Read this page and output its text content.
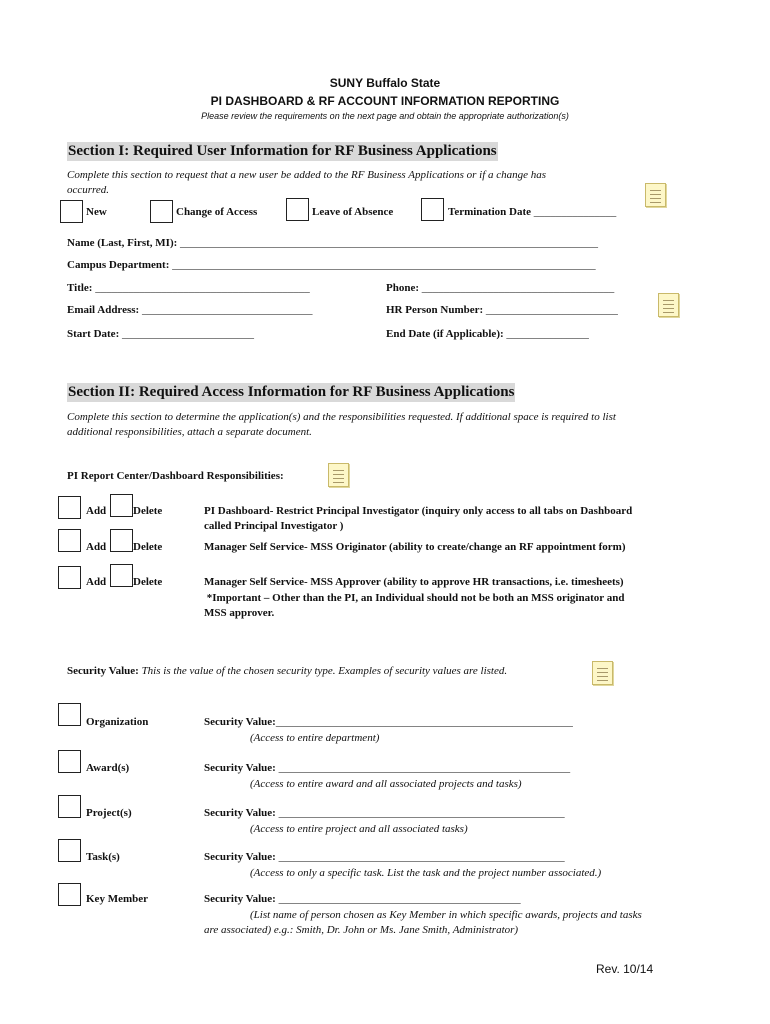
SUNY Buffalo State
PI DASHBOARD & RF ACCOUNT INFORMATION REPORTING
Please review the requirements on the next page and obtain the appropriate authorization(s)
Section I: Required User Information for RF Business Applications
Complete this section to request that a new user be added to the RF Business Applications or if a change has
occurred.
New	Change of Access	Leave of Absence	Termination Date _______________
Name (Last, First, MI): ____________________________________________________________________________
Campus Department: _____________________________________________________________________________
Title: _______________________________________	Phone: ___________________________________
Email Address: _______________________________	HR Person Number: ________________________
Start Date: ________________________	End Date (if Applicable): _______________
Section II: Required Access Information for RF Business Applications
Complete this section to determine the application(s) and the responsibilities requested. If additional space is required to list
additional responsibilities, attach a separate document.
PI Report Center/Dashboard Responsibilities:
Add Delete	PI Dashboard- Restrict Principal Investigator (inquiry only access to all tabs on Dashboard
called Principal Investigator )
Add Delete	Manager Self Service- MSS Originator (ability to create/change an RF appointment form)
Add Delete	Manager Self Service- MSS Approver (ability to approve HR transactions, i.e. timesheets)
*Important – Other than the PI, an Individual should not be both an MSS originator and
MSS approver.
Security Value: This is the value of the chosen security type. Examples of security values are listed.
Organization	Security Value:______________________________________________________
(Access to entire department)
Award(s)	Security Value: _____________________________________________________
(Access to entire award and all associated projects and tasks)
Project(s)	Security Value: ____________________________________________________
(Access to entire project and all associated tasks)
Task(s)	Security Value: ____________________________________________________
(Access to only a specific task. List the task and the project number associated.)
Key Member	Security Value: ____________________________________________
(List name of person chosen as Key Member in which specific awards, projects and tasks
are associated) e.g.: Smith, Dr. John or Ms. Jane Smith, Administrator)
Rev. 10/14
